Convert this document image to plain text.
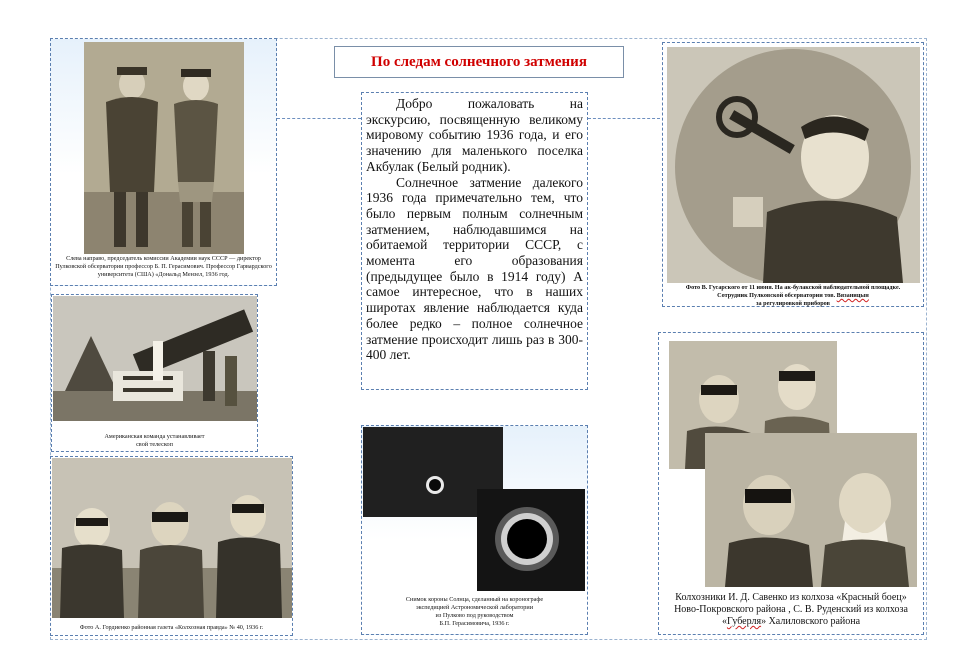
По следам солнечного затмения

Добро пожаловать на экскурсию, посвященную великому мировому событию 1936 года, и его значению для маленького поселка Акбулак (Белый родник).

Солнечное затмение далекого 1936 года примечательно тем, что было первым полным солнечным затмением, наблюдавшимся на обитаемой территории СССР, с момента его образования (предыдущее было в 1914 году) А самое интересное, что в наших широтах явление наблюдается куда более редко – полное солнечное затмение происходит лишь раз в 300-400 лет.

Слева направо, председатель комиссии Академии наук СССР — директор Пулковской обсерватории профессор Б. П. Герасимович. Профессор Гарвардского университета (США) «Дональд Мензел, 1936 год.
Американская команда устанавливает
свой телескоп
Фото А. Гордиенко районная газета «Колхозная правда» № 40, 1936 г.
Снимок короны Солнца, сделанный на коронографе
экспедицией Астрономической лаборатории
из Пулково под руководством
Б.П. Герасимовича, 1936 г.
Фото В. Гусарского от 11 июня. На ак-булакской наблюдательной площадке.
Сотрудник Пулковской обсерватории тов. Вязаницын
за регулировкой приборов
Колхозники И. Д. Савенко из колхоза «Красный боец»
Ново-Покровского района , С. В. Руденский из колхоза
«Губерля» Халиловского района
